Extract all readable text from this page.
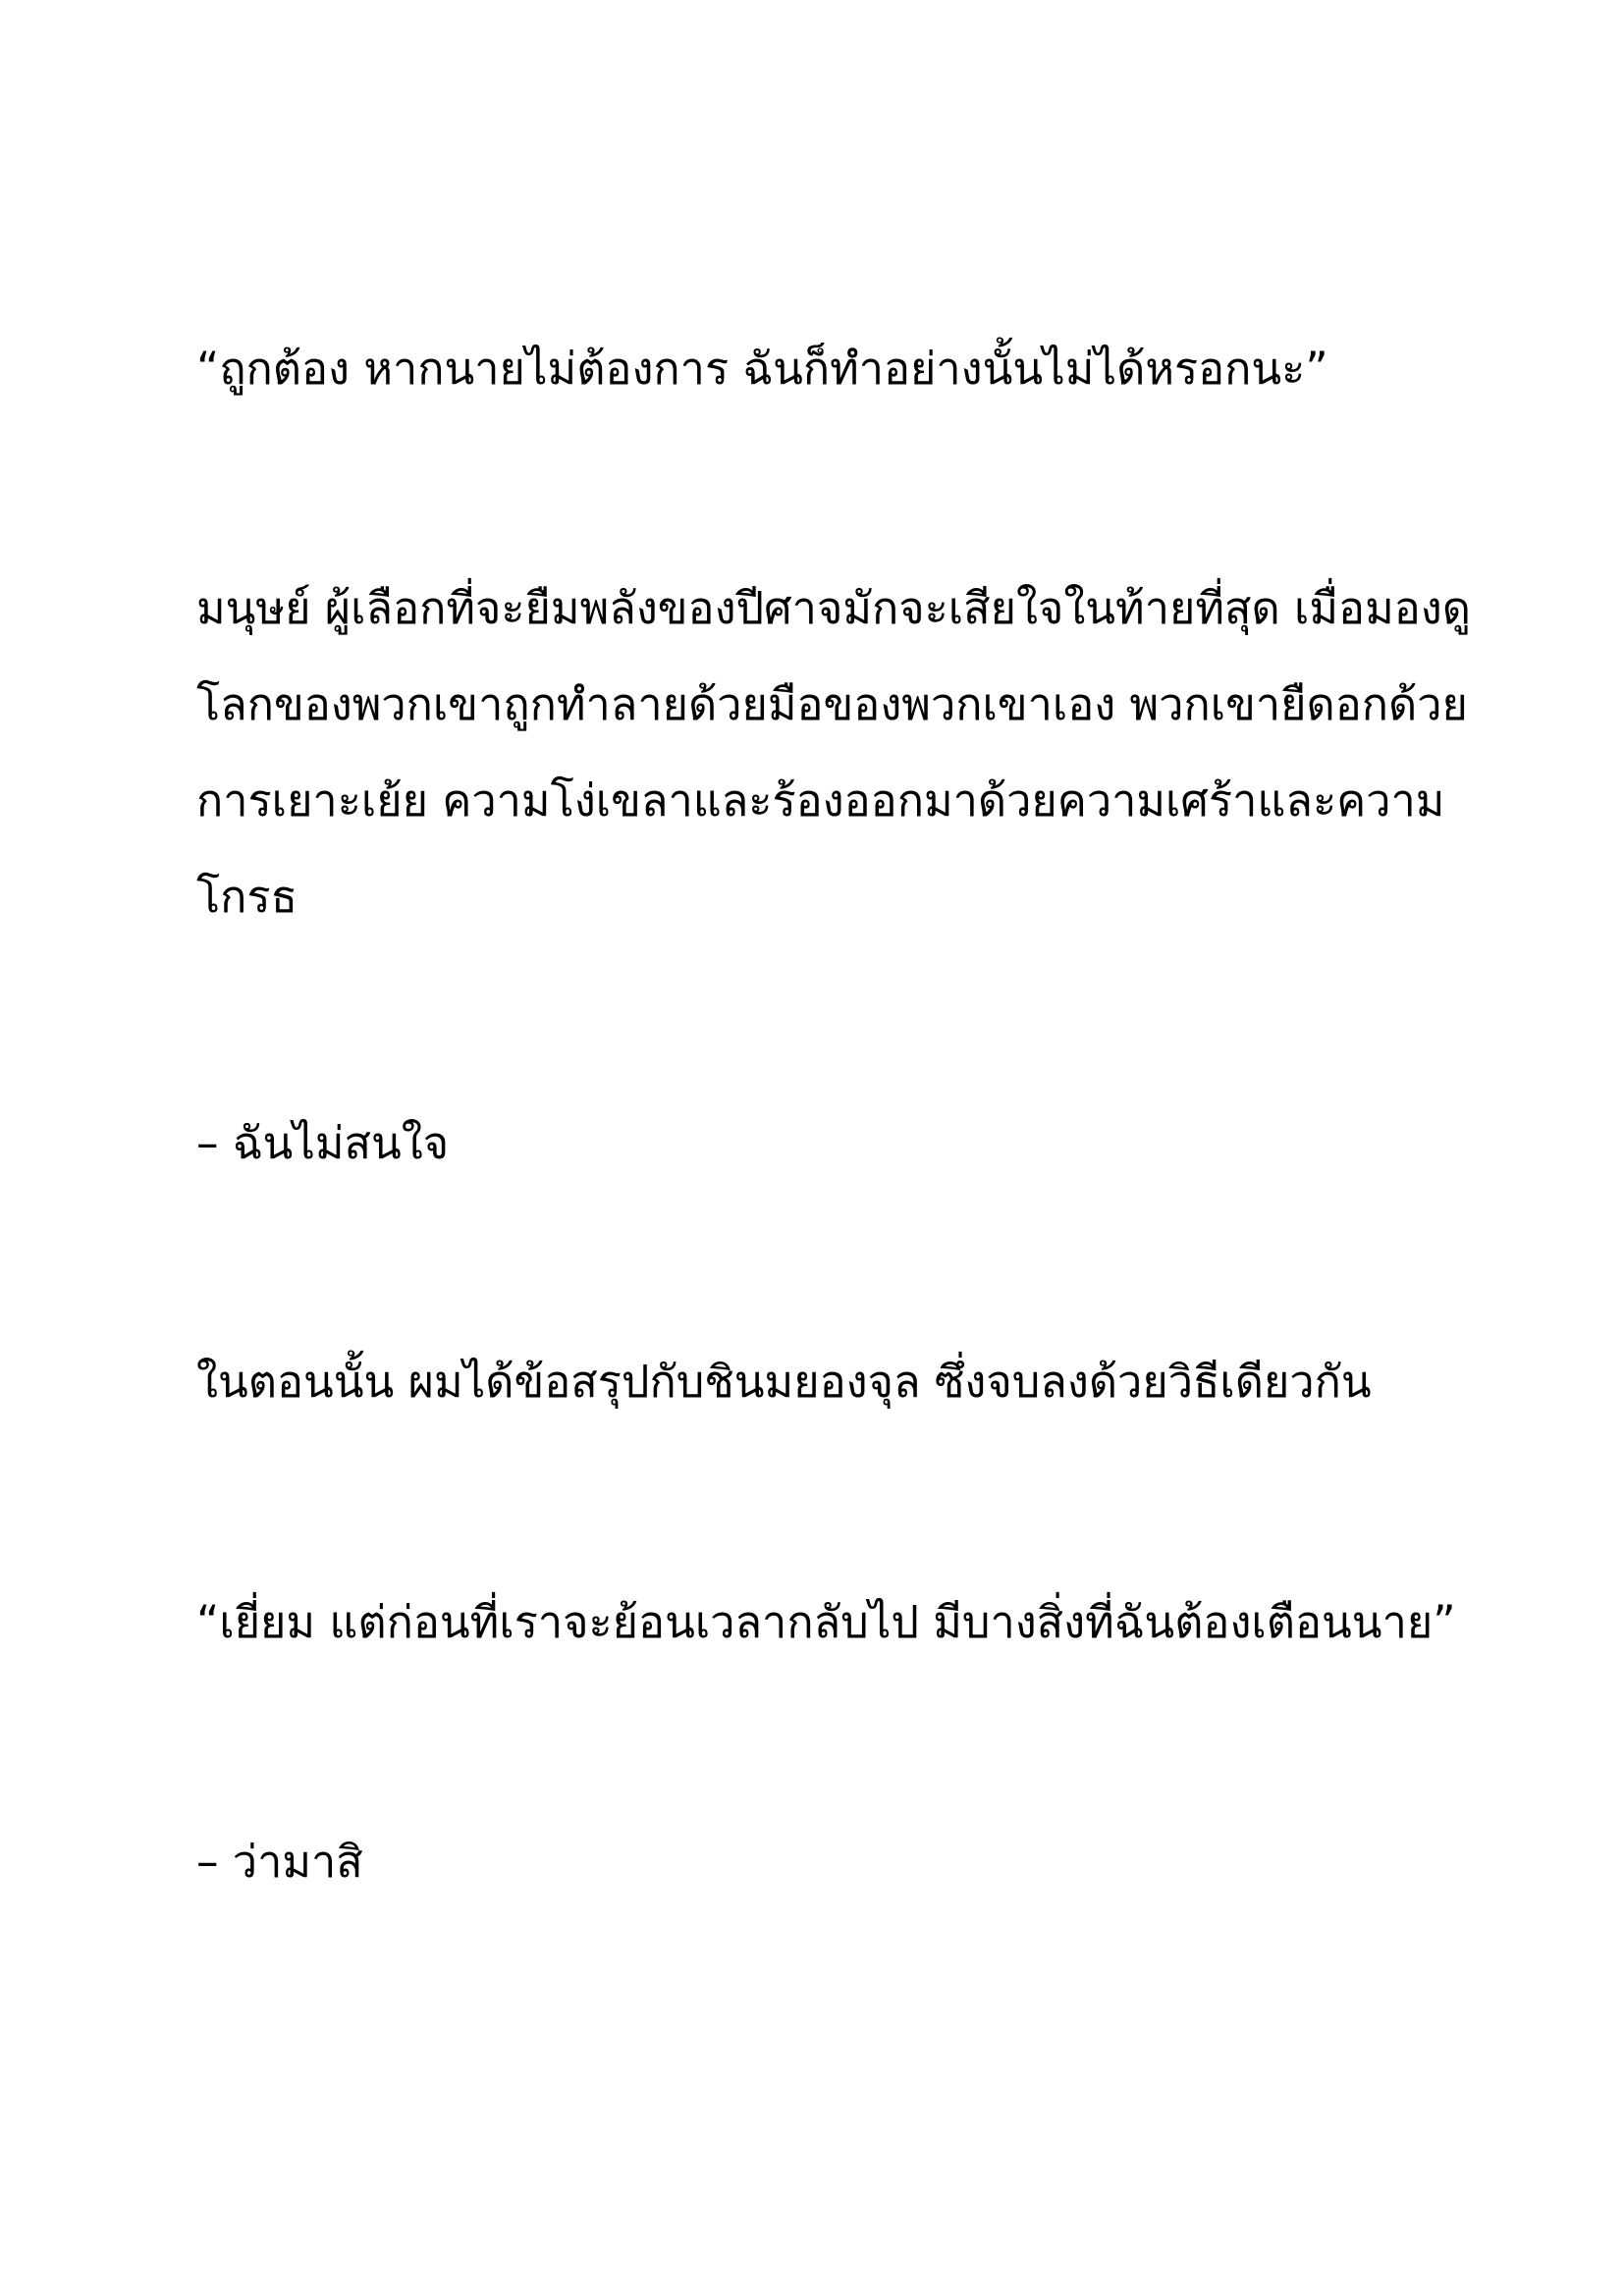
“ถูกต้อง หากนายไม่ต้องการ ฉันก็ทำอย่างนั้นไม่ได้หรอกนะ”

มนุษย์ ผู้เลือกที่จะยืมพลังของปีศาจมักจะเสียใจในท้ายที่สุด เมื่อมองดู
โลกของพวกเขาถูกทำลายด้วยมือของพวกเขาเอง พวกเขายืดอกด้วย
การเยาะเย้ย ความโง่เขลาและร้องออกมาด้วยความเศร้าและความ
โกรธ

– ฉันไม่สนใจ

ในตอนนั้น ผมได้ข้อสรุปกับชินมยองจุล ซึ่งจบลงด้วยวิธีเดียวกัน

“เยี่ยม แต่ก่อนที่เราจะย้อนเวลากลับไป มีบางสิ่งที่ฉันต้องเตือนนาย”

– ว่ามาสิ
